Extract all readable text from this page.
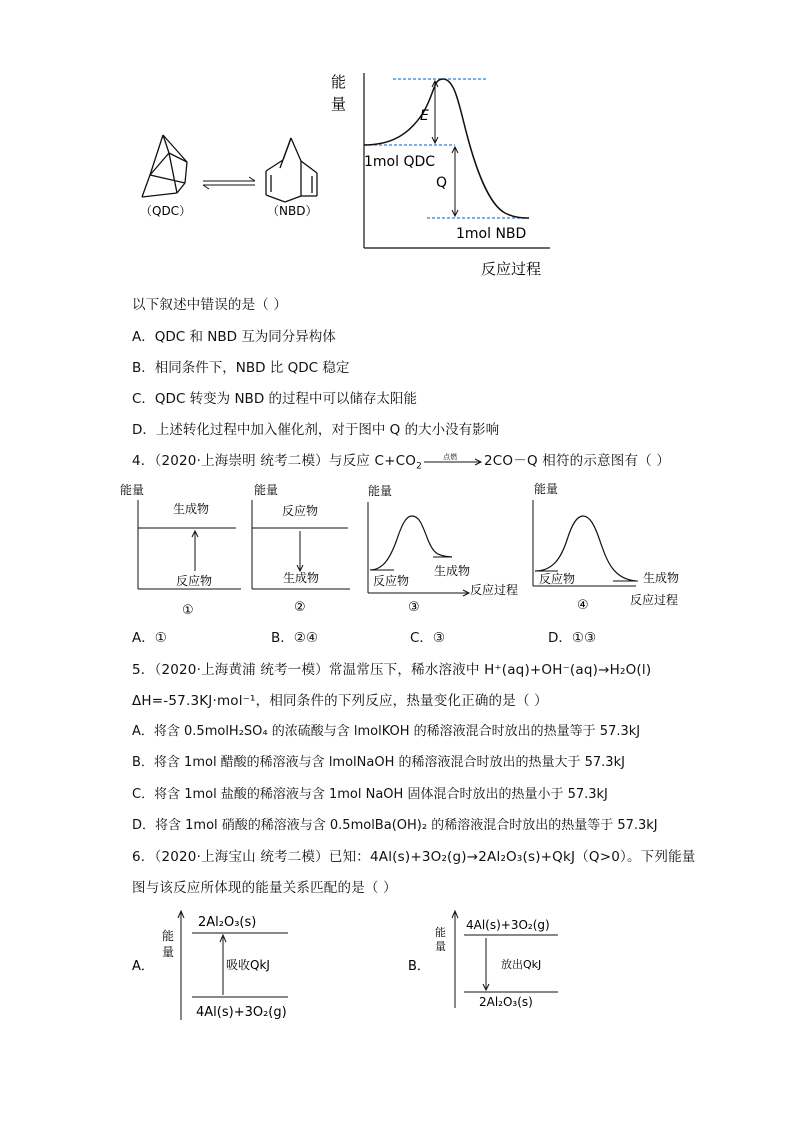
（QDC）	（NBD）
能
量
反应过程
E
Q
1mol QDC
1mol NBD
以下叙述中错误的是（ ）
A．QDC 和 NBD 互为同分异构体
B．相同条件下，NBD 比 QDC 稳定
C．QDC 转变为 NBD 的过程中可以储存太阳能
D．上述转化过程中加入催化剂，对于图中 Q 的大小没有影响
4．（2020·上海崇明 统考二模）与反应 $C+CO_2$
点燃 2CO－Q 相符的示意图有（ ）
能量
生成物
反应物
①
能量
反应物
生成物
②
能量
反应物
生成物
反应过程
③
能量
反应物	生成物
反应过程
④
A．①	B．②④	C．③	D．①③
5．（2020·上海黄浦 统考一模）常温常压下，稀水溶液中 H⁺(aq)+OH⁻(aq)→H₂O(l)
ΔH=-57.3KJ·mol⁻¹，相同条件的下列反应，热量变化正确的是（ ）
A．将含 0.5molH₂SO₄ 的浓硫酸与含 lmolKOH 的稀溶液混合时放出的热量等于 57.3kJ
B．将含 1mol 醋酸的稀溶液与含 lmolNaOH 的稀溶液混合时放出的热量大于 57.3kJ
C．将含 1mol 盐酸的稀溶液与含 1mol NaOH 固体混合时放出的热量小于 57.3kJ
D．将含 1mol 硝酸的稀溶液与含 0.5molBa(OH)₂ 的稀溶液混合时放出的热量等于 57.3kJ
6．（2020·上海宝山 统考二模）已知：4Al(s)+3O₂(g)→2Al₂O₃(s)+QkJ（Q>0）。下列能量
图与该反应所体现的能量关系匹配的是（ ）
A．
能
量
2Al₂O₃(s)
4Al(s)+3O₂(g)
吸收QkJ	B．
能
量
4Al(s)+3O₂(g)
2Al₂O₃(s)
放出QkJ
